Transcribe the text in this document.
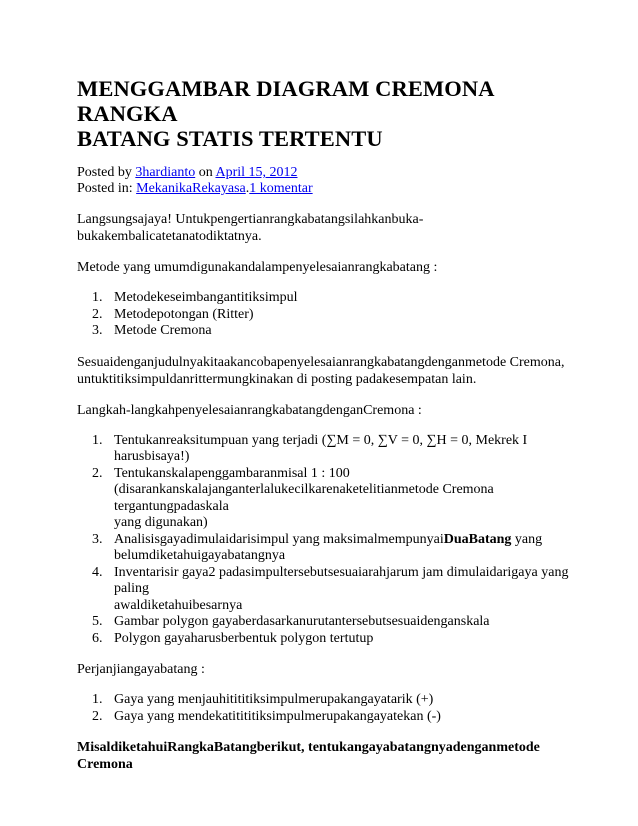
MENGGAMBAR DIAGRAM CREMONA RANGKA
BATANG STATIS TERTENTU
Posted by 3hardianto on April 15, 2012
Posted in: MekanikaRekayasa.1 komentar

Langsungsajaya! Untukpengertianrangkabatangsilahkanbuka-bukakembalicatetanatodiktatnya.

Metode yang umumdigunakandalampenyelesaianrangkabatang :

1. Metodekeseimbangantitiksimpul
2. Metodepotongan (Ritter)
3. Metode Cremona

Sesuaidenganjudulnyakitaakancobapenyelesaianrangkabatangdenganmetode Cremona,
untuktitiksimpuldanrittermungkinakan di posting padakesempatan lain.

Langkah-langkahpenyelesaianrangkabatangdenganCremona :

1. Tentukanreaksitumpuan yang terjadi (∑M = 0, ∑V = 0, ∑H = 0, Mekrek I harusbisaya!)
2. Tentukanskalapenggambaranmisal 1 : 100
(disarankanskalajanganterlalukecilkarenaketelitianmetode Cremona tergantungpadaskala
yang digunakan)
3. Analisisgayadimulaidarisimpul yang maksimalmempunyaiDuaBatang yang
belumdiketahuigayabatangnya
4. Inventarisir gaya2 padasimpultersebutsesuaiarahjarum jam dimulaidarigaya yang paling
awaldiketahuibesarnya
5. Gambar polygon gayaberdasarkanurutantersebutsesuaidenganskala
6. Polygon gayaharusberbentuk polygon tertutup

Perjanjiangayabatang :

1. Gaya yang menjauhitititiksimpulmerupakangayatarik (+)
2. Gaya yang mendekatitititiksimpulmerupakangayatekan (-)

MisaldiketahuiRangkaBatangberikut, tentukangayabatangnyadenganmetode Cremona
